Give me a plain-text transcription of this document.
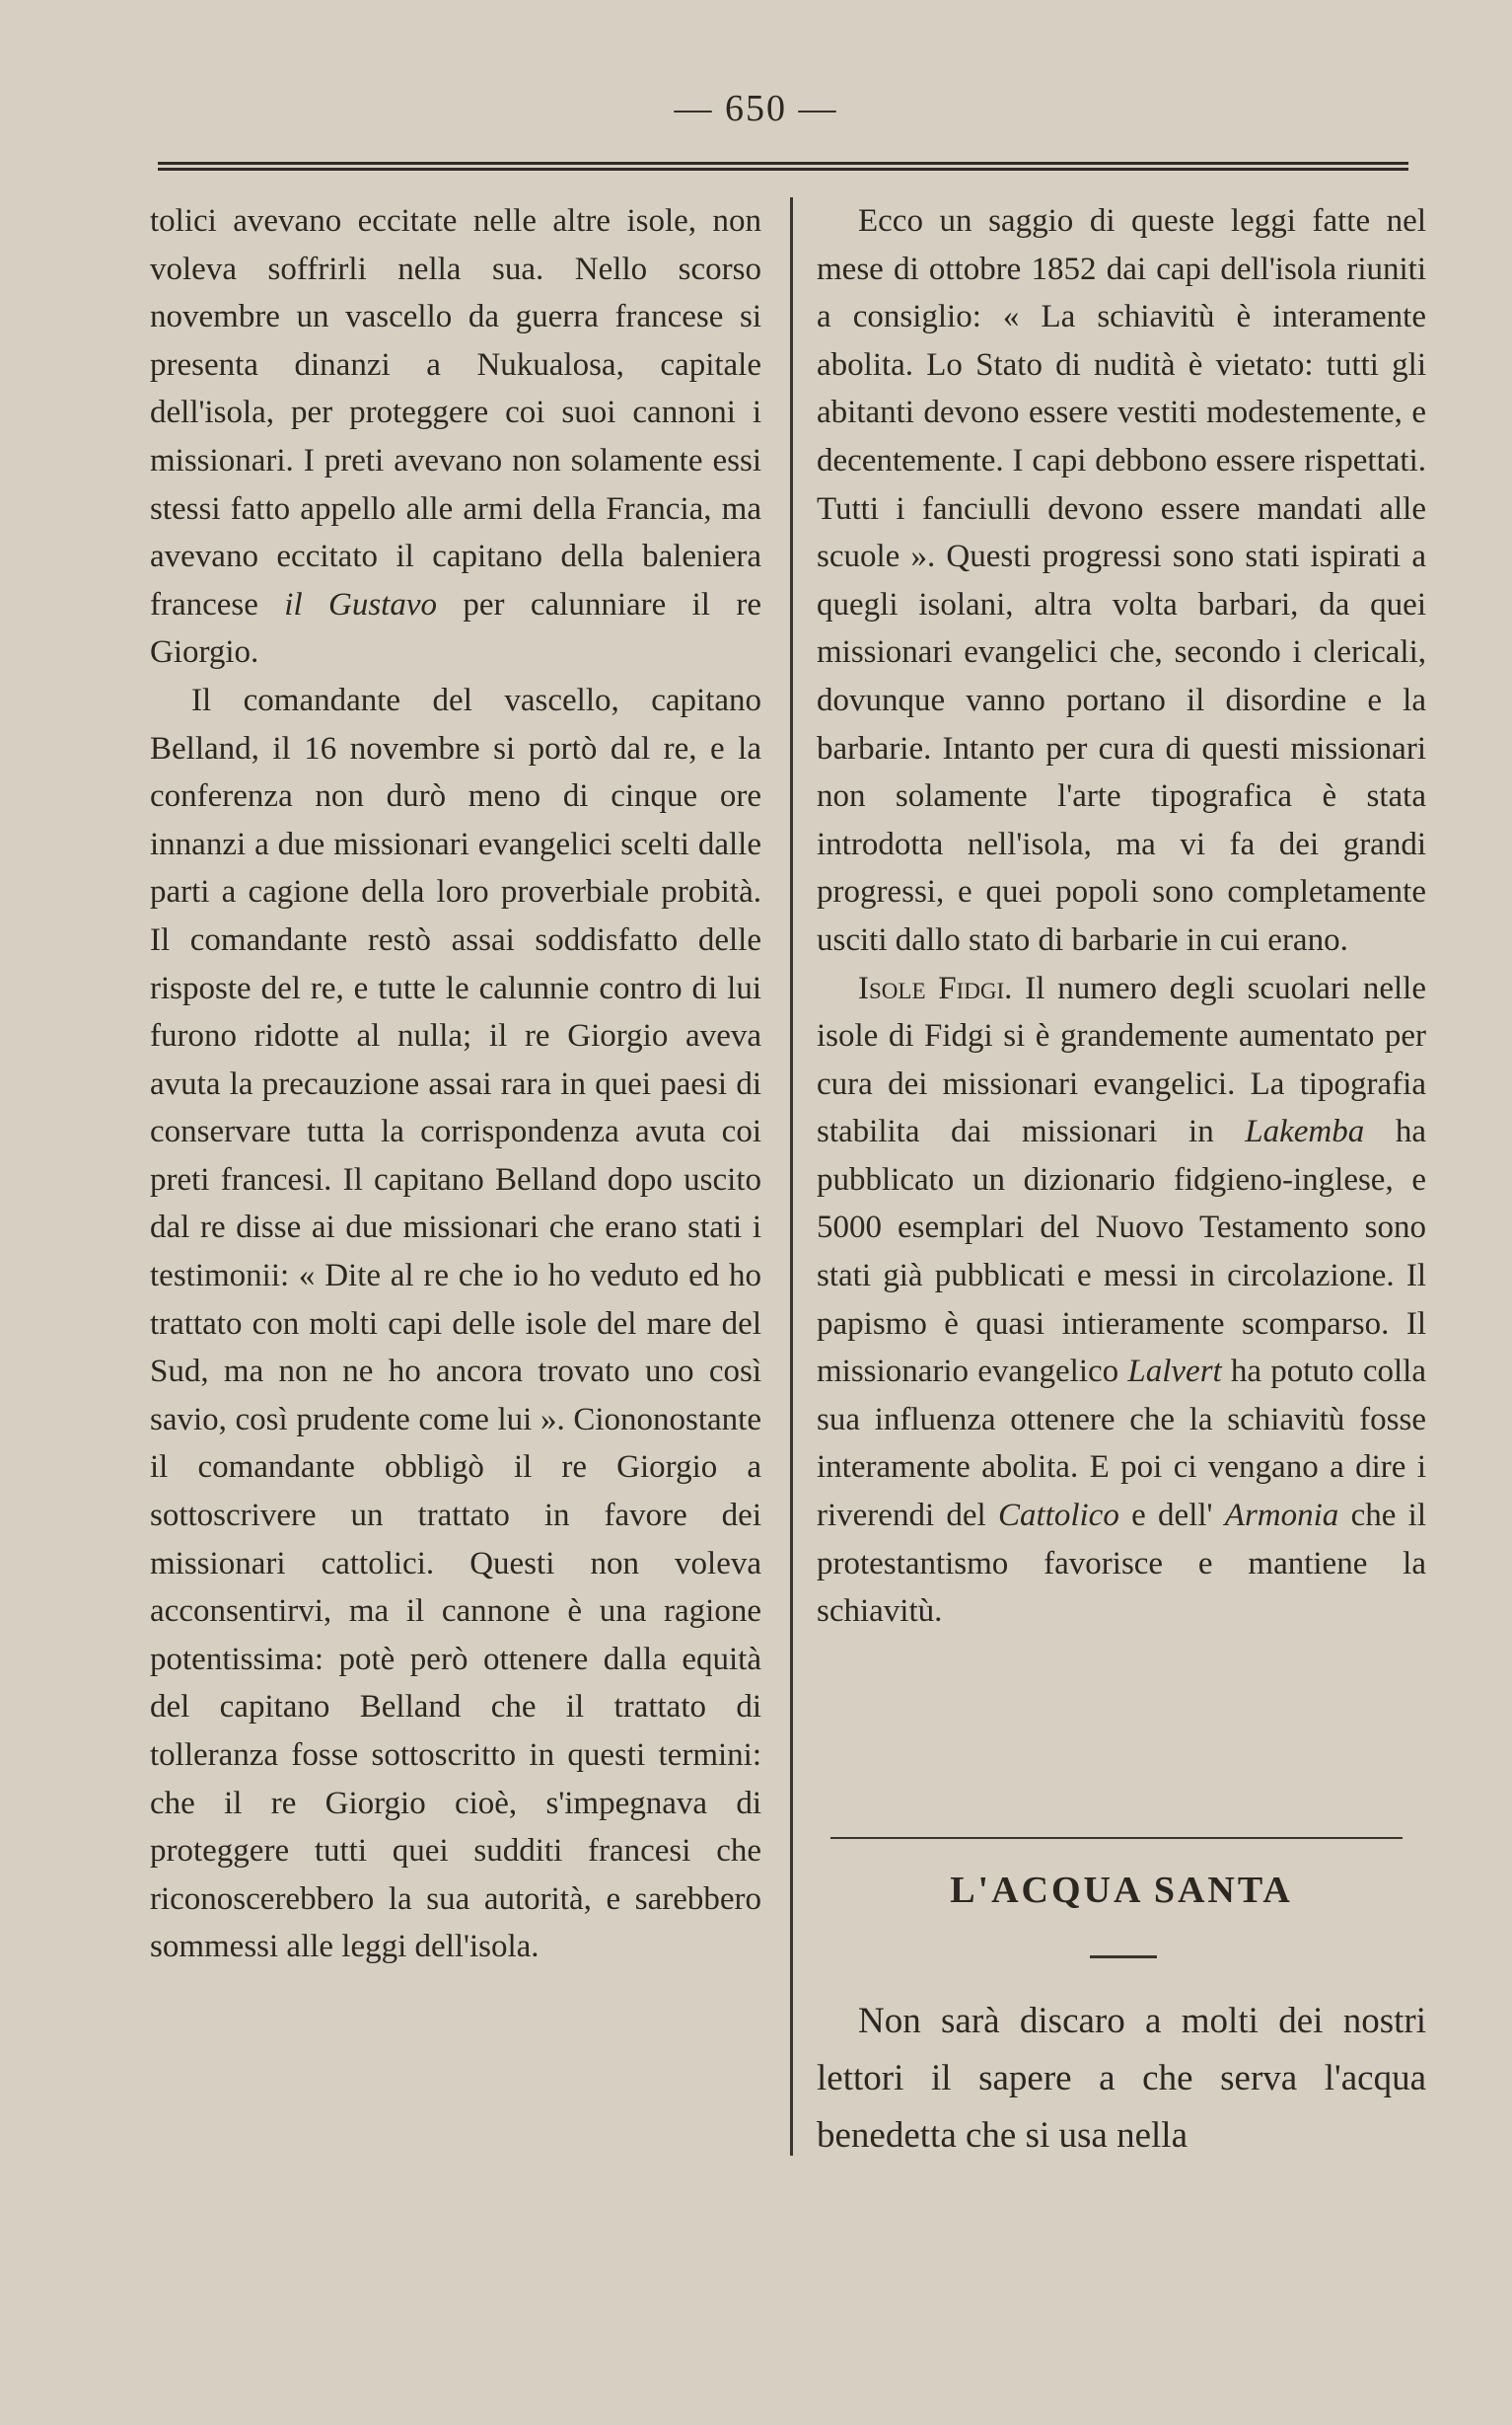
— 650 —

tolici avevano eccitate nelle altre isole, non voleva soffrirli nella sua. Nello scorso novembre un vascello da guerra francese si presenta dinanzi a Nukualosa, capitale dell'isola, per proteggere coi suoi cannoni i missionari. I preti avevano non solamente essi stessi fatto appello alle armi della Francia, ma avevano eccitato il capitano della baleniera francese il Gustavo per calunniare il re Giorgio.

Il comandante del vascello, capitano Belland, il 16 novembre si portò dal re, e la conferenza non durò meno di cinque ore innanzi a due missionari evangelici scelti dalle parti a cagione della loro proverbiale probità. Il comandante restò assai soddisfatto delle risposte del re, e tutte le calunnie contro di lui furono ridotte al nulla; il re Giorgio aveva avuta la precauzione assai rara in quei paesi di conservare tutta la corrispondenza avuta coi preti francesi. Il capitano Belland dopo uscito dal re disse ai due missionari che erano stati i testimonii: « Dite al re che io ho veduto ed ho trattato con molti capi delle isole del mare del Sud, ma non ne ho ancora trovato uno così savio, così prudente come lui ». Ciononostante il comandante obbligò il re Giorgio a sottoscrivere un trattato in favore dei missionari cattolici. Questi non voleva acconsentirvi, ma il cannone è una ragione potentissima: potè però ottenere dalla equità del capitano Belland che il trattato di tolleranza fosse sottoscritto in questi termini: che il re Giorgio cioè, s'impegnava di proteggere tutti quei sudditi francesi che riconoscerebbero la sua autorità, e sarebbero sommessi alle leggi dell'isola.

Ecco un saggio di queste leggi fatte nel mese di ottobre 1852 dai capi dell'isola riuniti a consiglio: « La schiavitù è interamente abolita. Lo Stato di nudità è vietato: tutti gli abitanti devono essere vestiti modestemente, e decentemente. I capi debbono essere rispettati. Tutti i fanciulli devono essere mandati alle scuole ». Questi progressi sono stati ispirati a quegli isolani, altra volta barbari, da quei missionari evangelici che, secondo i clericali, dovunque vanno portano il disordine e la barbarie. Intanto per cura di questi missionari non solamente l'arte tipografica è stata introdotta nell'isola, ma vi fa dei grandi progressi, e quei popoli sono completamente usciti dallo stato di barbarie in cui erano.

Isole Fidgi. Il numero degli scuolari nelle isole di Fidgi si è grandemente aumentato per cura dei missionari evangelici. La tipografia stabilita dai missionari in Lakemba ha pubblicato un dizionario fidgieno-inglese, e 5000 esemplari del Nuovo Testamento sono stati già pubblicati e messi in circolazione. Il papismo è quasi intieramente scomparso. Il missionario evangelico Lalvert ha potuto colla sua influenza ottenere che la schiavitù fosse interamente abolita. E poi ci vengano a dire i riverendi del Cattolico e dell' Armonia che il protestantismo favorisce e mantiene la schiavitù.

L'ACQUA SANTA

Non sarà discaro a molti dei nostri lettori il sapere a che serva l'acqua benedetta che si usa nella
